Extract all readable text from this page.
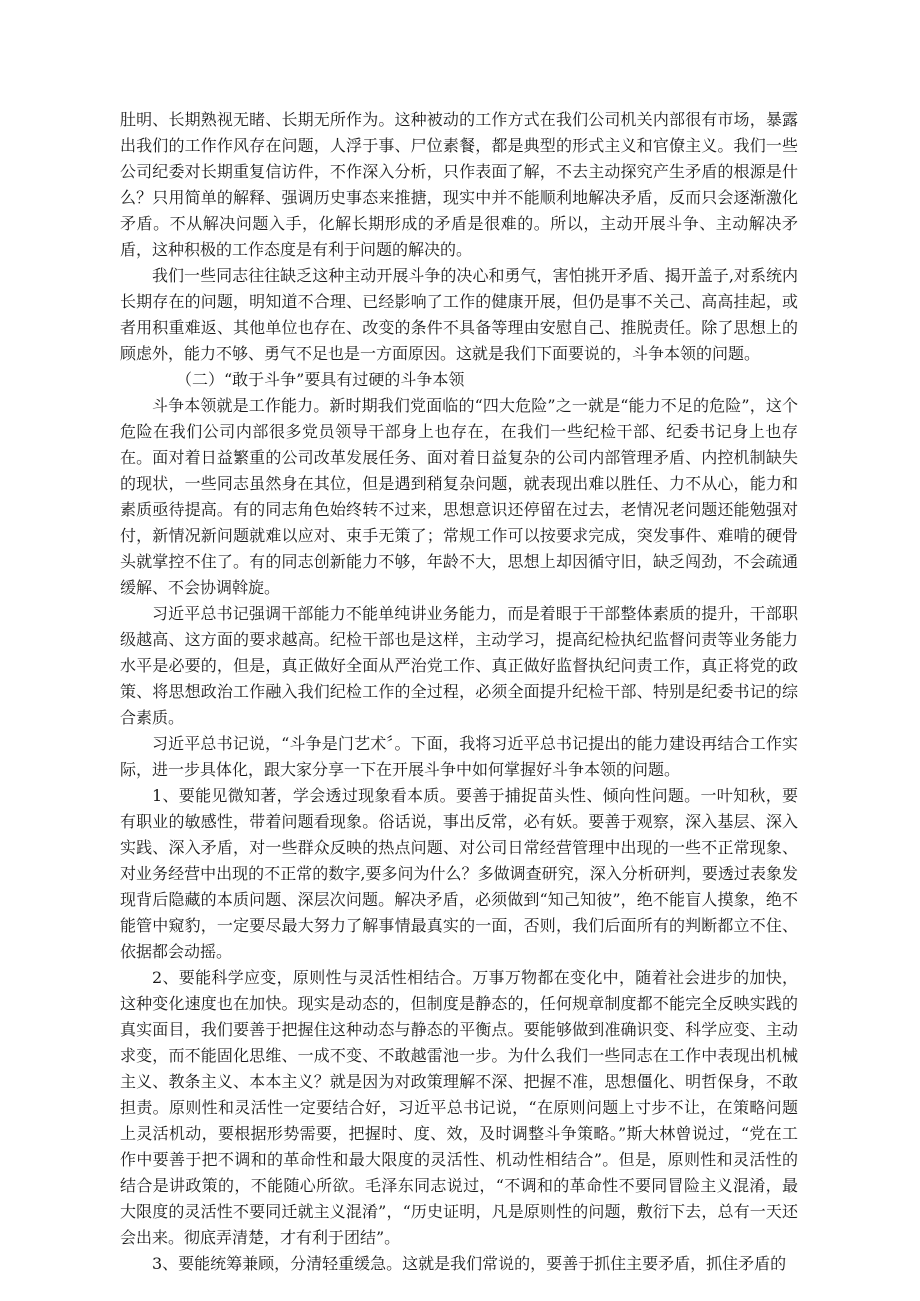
肚明、长期熟视无睹、长期无所作为。这种被动的工作方式在我们公司机关内部很有市场，暴露出我们的工作作风存在问题，人浮于事、尸位素餐，都是典型的形式主义和官僚主义。我们一些公司纪委对长期重复信访件，不作深入分析，只作表面了解，不去主动探究产生矛盾的根源是什么？只用简单的解释、强调历史事态来推搪，现实中并不能顺利地解决矛盾，反而只会逐渐激化矛盾。不从解决问题入手，化解长期形成的矛盾是很难的。所以，主动开展斗争、主动解决矛盾，这种积极的工作态度是有利于问题的解决的。

我们一些同志往往缺乏这种主动开展斗争的决心和勇气，害怕挑开矛盾、揭开盖子,对系统内长期存在的问题，明知道不合理、已经影响了工作的健康开展，但仍是事不关己、高高挂起，或者用积重难返、其他单位也存在、改变的条件不具备等理由安慰自己、推脱责任。除了思想上的顾虑外，能力不够、勇气不足也是一方面原因。这就是我们下面要说的，斗争本领的问题。

（二）“敢于斗争”要具有过硬的斗争本领

斗争本领就是工作能力。新时期我们党面临的“四大危险”之一就是“能力不足的危险”，这个危险在我们公司内部很多党员领导干部身上也存在，在我们一些纪检干部、纪委书记身上也存在。面对着日益繁重的公司改革发展任务、面对着日益复杂的公司内部管理矛盾、内控机制缺失的现状，一些同志虽然身在其位，但是遇到稍复杂问题，就表现出难以胜任、力不从心，能力和素质亟待提高。有的同志角色始终转不过来，思想意识还停留在过去，老情况老问题还能勉强对付，新情况新问题就难以应对、束手无策了；常规工作可以按要求完成，突发事件、难啃的硬骨头就掌控不住了。有的同志创新能力不够，年龄不大，思想上却因循守旧，缺乏闯劲，不会疏通缓解、不会协调斡旋。

习近平总书记强调干部能力不能单纯讲业务能力，而是着眼于干部整体素质的提升，干部职级越高、这方面的要求越高。纪检干部也是这样，主动学习，提高纪检执纪监督问责等业务能力水平是必要的，但是，真正做好全面从严治党工作、真正做好监督执纪问责工作，真正将党的政策、将思想政治工作融入我们纪检工作的全过程，必须全面提升纪检干部、特别是纪委书记的综合素质。

习近平总书记说，“斗争是门艺术〞。下面，我将习近平总书记提出的能力建设再结合工作实际，进一步具体化，跟大家分享一下在开展斗争中如何掌握好斗争本领的问题。

1、要能见微知著，学会透过现象看本质。要善于捕捉苗头性、倾向性问题。一叶知秋，要有职业的敏感性，带着问题看现象。俗话说，事出反常，必有妖。要善于观察，深入基层、深入实践、深入矛盾，对一些群众反映的热点问题、对公司日常经营管理中出现的一些不正常现象、对业务经营中出现的不正常的数字,要多问为什么？多做调查研究，深入分析研判，要透过表象发现背后隐藏的本质问题、深层次问题。解决矛盾，必须做到“知己知彼”，绝不能盲人摸象，绝不能管中窥豹，一定要尽最大努力了解事情最真实的一面，否则，我们后面所有的判断都立不住、依据都会动摇。

2、要能科学应变，原则性与灵活性相结合。万事万物都在变化中，随着社会进步的加快，这种变化速度也在加快。现实是动态的，但制度是静态的，任何规章制度都不能完全反映实践的真实面目，我们要善于把握住这种动态与静态的平衡点。要能够做到准确识变、科学应变、主动求变，而不能固化思维、一成不变、不敢越雷池一步。为什么我们一些同志在工作中表现出机械主义、教条主义、本本主义？就是因为对政策理解不深、把握不准，思想僵化、明哲保身，不敢担责。原则性和灵活性一定要结合好，习近平总书记说，“在原则问题上寸步不让，在策略问题上灵活机动，要根据形势需要，把握时、度、效，及时调整斗争策略。”斯大林曾说过，“党在工作中要善于把不调和的革命性和最大限度的灵活性、机动性相结合”。但是，原则性和灵活性的结合是讲政策的，不能随心所欲。毛泽东同志说过，“不调和的革命性不要同冒险主义混淆，最大限度的灵活性不要同迁就主义混淆”，“历史证明，凡是原则性的问题，敷衍下去，总有一天还会出来。彻底弄清楚，才有利于团结”。

3、要能统筹兼顾，分清轻重缓急。这就是我们常说的，要善于抓住主要矛盾，抓住矛盾的
